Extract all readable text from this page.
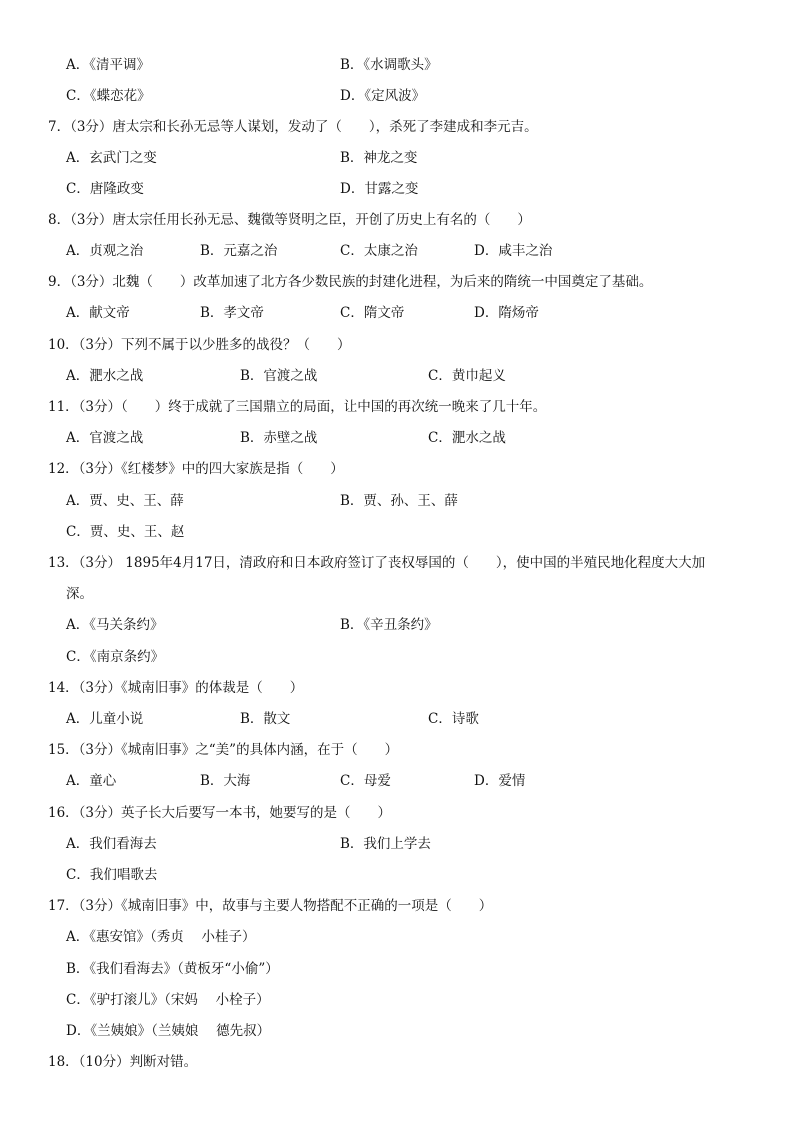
A．《清平调》	B．《水调歌头》
C．《蝶恋花》	D．《定风波》
7．（3分）唐太宗和长孙无忌等人谋划，发动了（　　），杀死了李建成和李元吉。
A．玄武门之变	B．神龙之变
C．唐隆政变	D．甘露之变
8．（3分）唐太宗任用长孙无忌、魏徵等贤明之臣，开创了历史上有名的（　　）
A．贞观之治	B．元嘉之治	C．太康之治	D．咸丰之治
9．（3分）北魏（　　）改革加速了北方各少数民族的封建化进程，为后来的隋统一中国奠定了基础。
A．献文帝	B．孝文帝	C．隋文帝	D．隋炀帝
10．（3分）下列不属于以少胜多的战役？（　　）
A．淝水之战	B．官渡之战	C．黄巾起义
11．（3分）（　　）终于成就了三国鼎立的局面，让中国的再次统一晚来了几十年。
A．官渡之战	B．赤壁之战	C．淝水之战
12．（3分）《红楼梦》中的四大家族是指（　　）
A．贾、史、王、薛	B．贾、孙、王、薛
C．贾、史、王、赵
13．（3分） 1895年4月17日，清政府和日本政府签订了丧权辱国的（　　），使中国的半殖民地化程度大大加
深。
A．《马关条约》	B．《辛丑条约》
C．《南京条约》
14．（3分）《城南旧事》的体裁是（　　）
A．儿童小说	B．散文	C．诗歌
15．（3分）《城南旧事》之“美”的具体内涵，在于（　　）
A．童心	B．大海	C．母爱	D．爱情
16．（3分）英子长大后要写一本书，她要写的是（　　）
A．我们看海去	B．我们上学去
C．我们唱歌去
17．（3分）《城南旧事》中，故事与主要人物搭配不正确的一项是（　　）
A．《惠安馆》（秀贞　 小桂子）
B．《我们看海去》（黄板牙“小偷”）
C．《驴打滚儿》（宋妈　 小栓子）
D．《兰姨娘》（兰姨娘　 德先叔）
18．（10分）判断对错。
